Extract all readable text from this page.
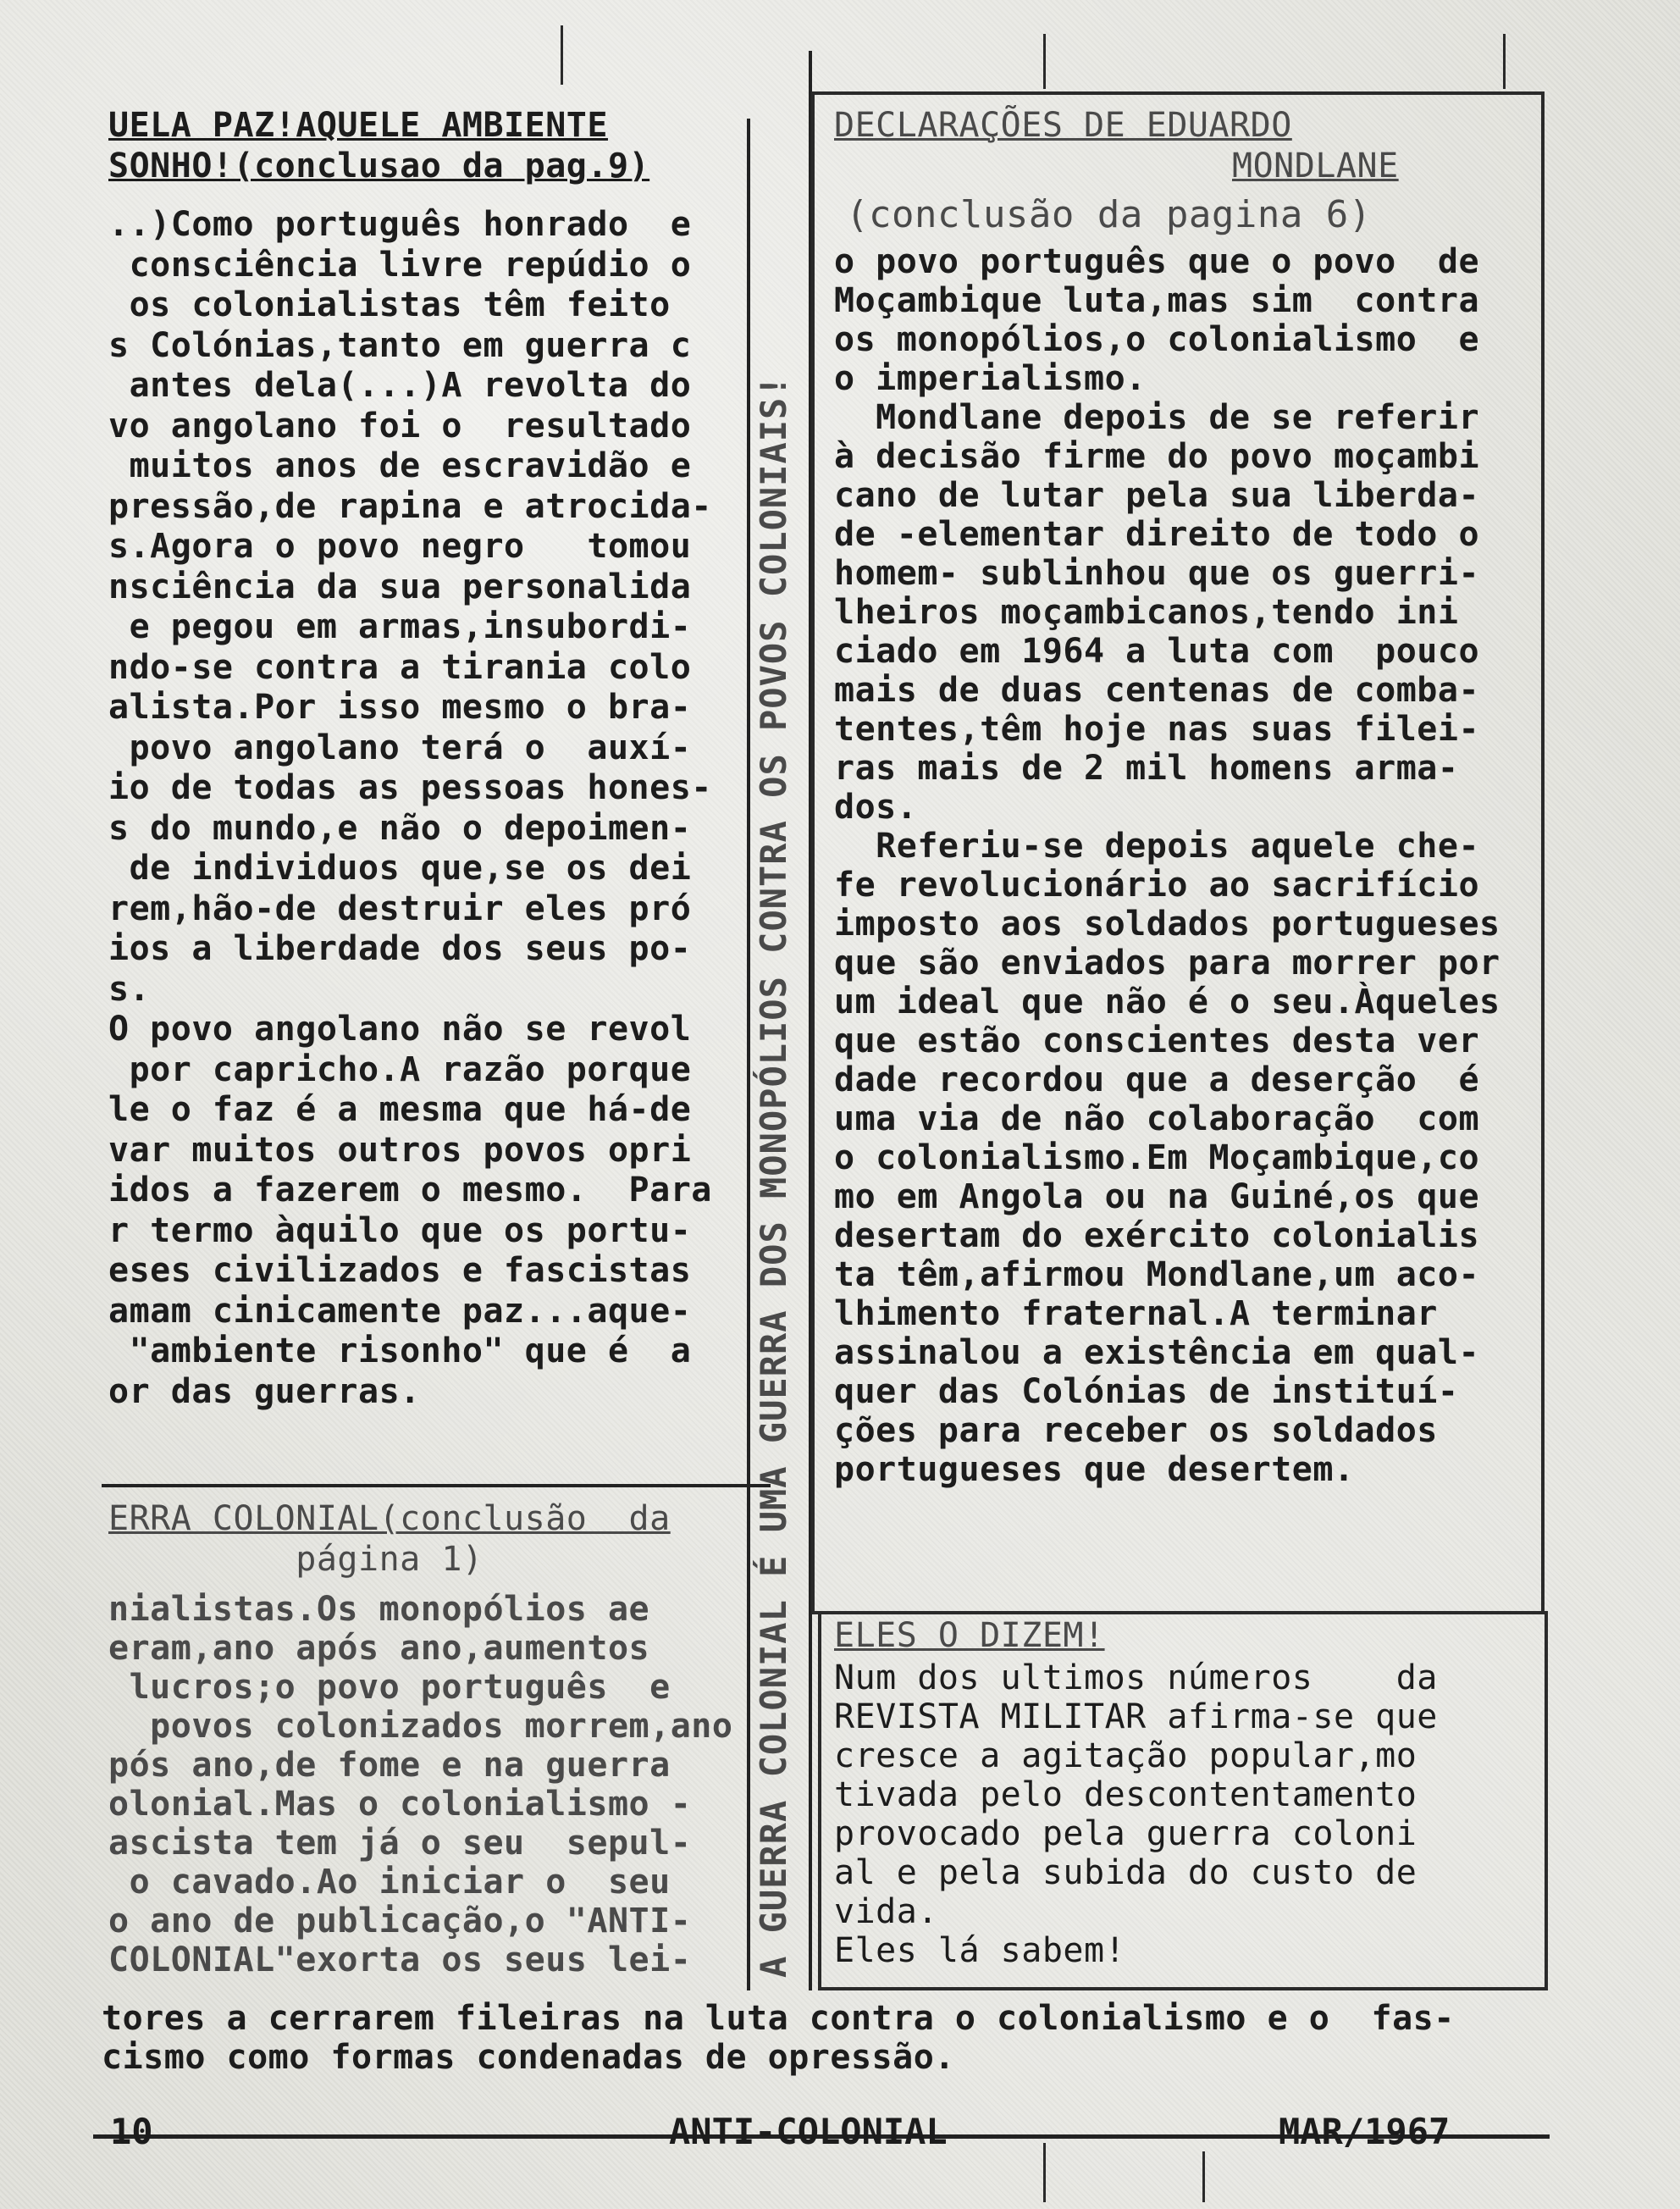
UELA PAZ!AQUELE AMBIENTE

SONHO!(conclusao da pag.9)

..)Como português honrado  e

consciência livre repúdio o

os colonialistas têm feito

s Colónias,tanto em guerra c

antes dela(...)A revolta do

vo angolano foi o  resultado

muitos anos de escravidão e

pressão,de rapina e atrocida-

s.Agora o povo negro   tomou

nsciência da sua personalida

e pegou em armas,insubordi-

ndo-se contra a tirania colo

alista.Por isso mesmo o bra-

povo angolano terá o  auxí-

io de todas as pessoas hones-

s do mundo,e não o depoimen-

de individuos que,se os dei

rem,hão-de destruir eles pró

ios a liberdade dos seus po-

s.

O povo angolano não se revol

por capricho.A razão porque

le o faz é a mesma que há-de

var muitos outros povos opri

idos a fazerem o mesmo.  Para

r termo àquilo que os portu-

eses civilizados e fascistas

amam cinicamente paz...aque-

"ambiente risonho" que é  a

or das guerras.

ERRA COLONIAL(conclusão  da

página 1)

nialistas.Os monopólios ae

eram,ano após ano,aumentos

lucros;o povo português  e

povos colonizados morrem,ano

pós ano,de fome e na guerra

olonial.Mas o colonialismo -

ascista tem já o seu  sepul-

o cavado.Ao iniciar o  seu

o ano de publicação,o "ANTI-

COLONIAL"exorta os seus lei-	A GUERRA COLONIAL É UMA GUERRA DOS MONOPÓLIOS CONTRA OS POVOS COLONIAIS!

DECLARAÇÕES DE EDUARDO

MONDLANE

(conclusão da pagina 6)

o povo português que o povo  de

Moçambique luta,mas sim  contra

os monopólios,o colonialismo  e

o imperialismo.

Mondlane depois de se referir

à decisão firme do povo moçambi

cano de lutar pela sua liberda-

de -elementar direito de todo o

homem- sublinhou que os guerri-

lheiros moçambicanos,tendo ini

ciado em 1964 a luta com  pouco

mais de duas centenas de comba-

tentes,têm hoje nas suas filei-

ras mais de 2 mil homens arma-

dos.

Referiu-se depois aquele che-

fe revolucionário ao sacrifício

imposto aos soldados portugueses

que são enviados para morrer por

um ideal que não é o seu.Àqueles

que estão conscientes desta ver

dade recordou que a deserção  é

uma via de não colaboração  com

o colonialismo.Em Moçambique,co

mo em Angola ou na Guiné,os que

desertam do exército colonialis

ta têm,afirmou Mondlane,um aco-

lhimento fraternal.A terminar

assinalou a existência em qual-

quer das Colónias de instituí-

ções para receber os soldados

portugueses que desertem.

ELES O DIZEM!

Num dos ultimos números    da

REVISTA MILITAR afirma-se que

cresce a agitação popular,mo

tivada pelo descontentamento

provocado pela guerra coloni

al e pela subida do custo de

vida.

Eles lá sabem!

tores a cerrarem fileiras na luta contra o colonialismo e o  fas-

cismo como formas condenadas de opressão.

10	ANTI-COLONIAL	MAR/1967
